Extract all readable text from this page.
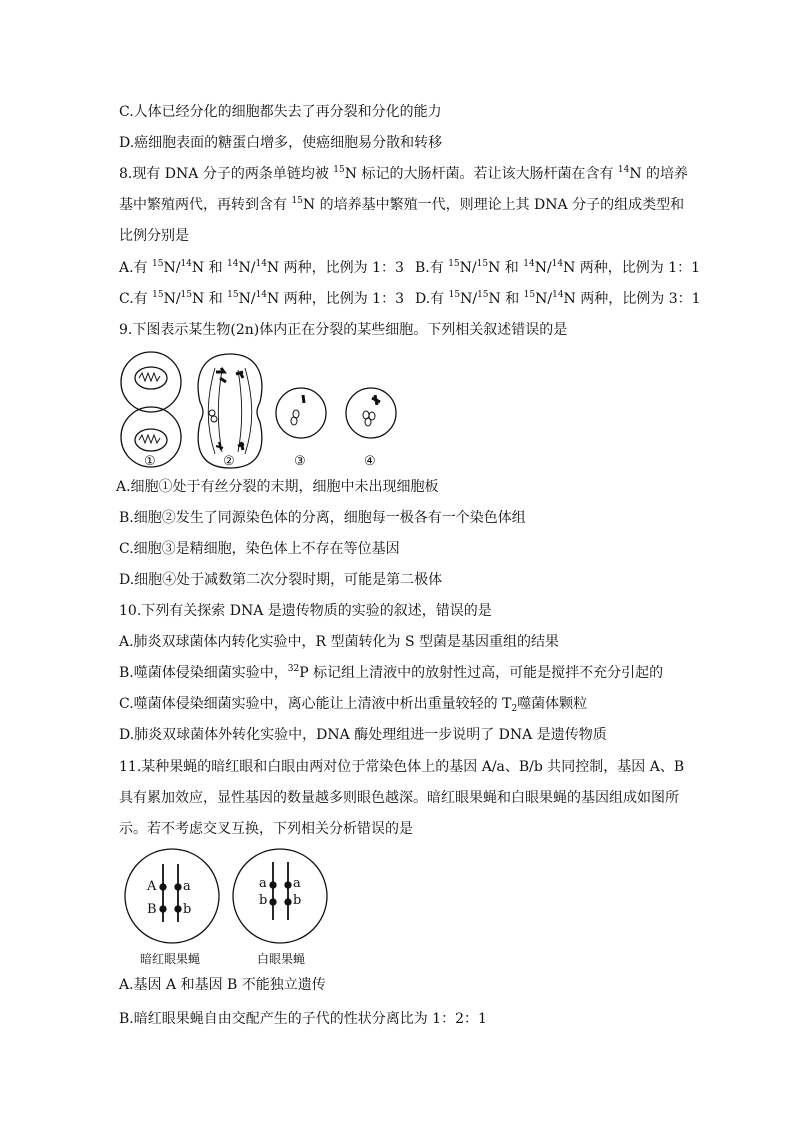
C.人体已经分化的细胞都失去了再分裂和分化的能力
D.癌细胞表面的糖蛋白增多，使癌细胞易分散和转移
8.现有 DNA 分子的两条单链均被 $^{15}$N 标记的大肠杆菌。若让该大肠杆菌在含有 $^{14}$N 的培养
基中繁殖两代，再转到含有 $^{15}$N 的培养基中繁殖一代，则理论上其 DNA 分子的组成类型和
比例分别是
A.有 $^{15}$N/$^{14}$N 和 $^{14}$N/$^{14}$N 两种，比例为 1：3 B.有 $^{15}$N/$^{15}$N 和 $^{14}$N/$^{14}$N 两种，比例为 1：1
C.有 $^{15}$N/$^{15}$N 和 $^{15}$N/$^{14}$N 两种，比例为 1：3 D.有 $^{15}$N/$^{15}$N 和 $^{15}$N/$^{14}$N 两种，比例为 3：1
9.下图表示某生物(2n)体内正在分裂的某些细胞。下列相关叙述错误的是
①	②	③	④
A.细胞①处于有丝分裂的末期，细胞中未出现细胞板
B.细胞②发生了同源染色体的分离，细胞每一极各有一个染色体组
C.细胞③是精细胞，染色体上不存在等位基因
D.细胞④处于减数第二次分裂时期，可能是第二极体
10.下列有关探索 DNA 是遗传物质的实验的叙述，错误的是
A.肺炎双球菌体内转化实验中，R 型菌转化为 S 型菌是基因重组的结果
B.噬菌体侵染细菌实验中，$^{32}$P 标记组上清液中的放射性过高，可能是搅拌不充分引起的
C.噬菌体侵染细菌实验中，离心能让上清液中析出重量较轻的 $T_2$噬菌体颗粒
D.肺炎双球菌体外转化实验中，DNA 酶处理组进一步说明了 DNA 是遗传物质
11.某种果蝇的暗红眼和白眼由两对位于常染色体上的基因 A/a、B/b 共同控制，基因 A、B
具有累加效应，显性基因的数量越多则眼色越深。暗红眼果蝇和白眼果蝇的基因组成如图所
示。若不考虑交叉互换，下列相关分析错误的是
A
B
a
b
a
b
a
b
暗红眼果蝇	白眼果蝇
A.基因 A 和基因 B 不能独立遗传
B.暗红眼果蝇自由交配产生的子代的性状分离比为 1：2：1
